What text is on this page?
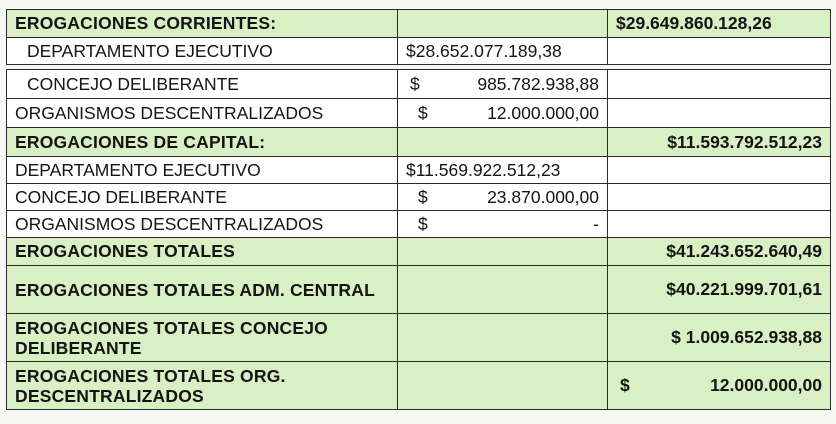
EROGACIONES CORRIENTES:		$29.649.860.128,26
DEPARTAMENTO EJECUTIVO	$28.652.077.189,38	

CONCEJO DELIBERANTE	$ 985.782.938,88	

ORGANISMOS DESCENTRALIZADOS	$ 12.000.000,00	

EROGACIONES DE CAPITAL:		$11.593.792.512,23
DEPARTAMENTO EJECUTIVO	$11.569.922.512,23	
CONCEJO DELIBERANTE	$ 23.870.000,00	

ORGANISMOS DESCENTRALIZADOS	$ -	

EROGACIONES TOTALES		$41.243.652.640,49
EROGACIONES TOTALES ADM. CENTRAL		$40.221.999.701,61
EROGACIONES TOTALES CONCEJO DELIBERANTE		$ 1.009.652.938,88
EROGACIONES TOTALES ORG. DESCENTRALIZADOS		$ 12.000.000,00
